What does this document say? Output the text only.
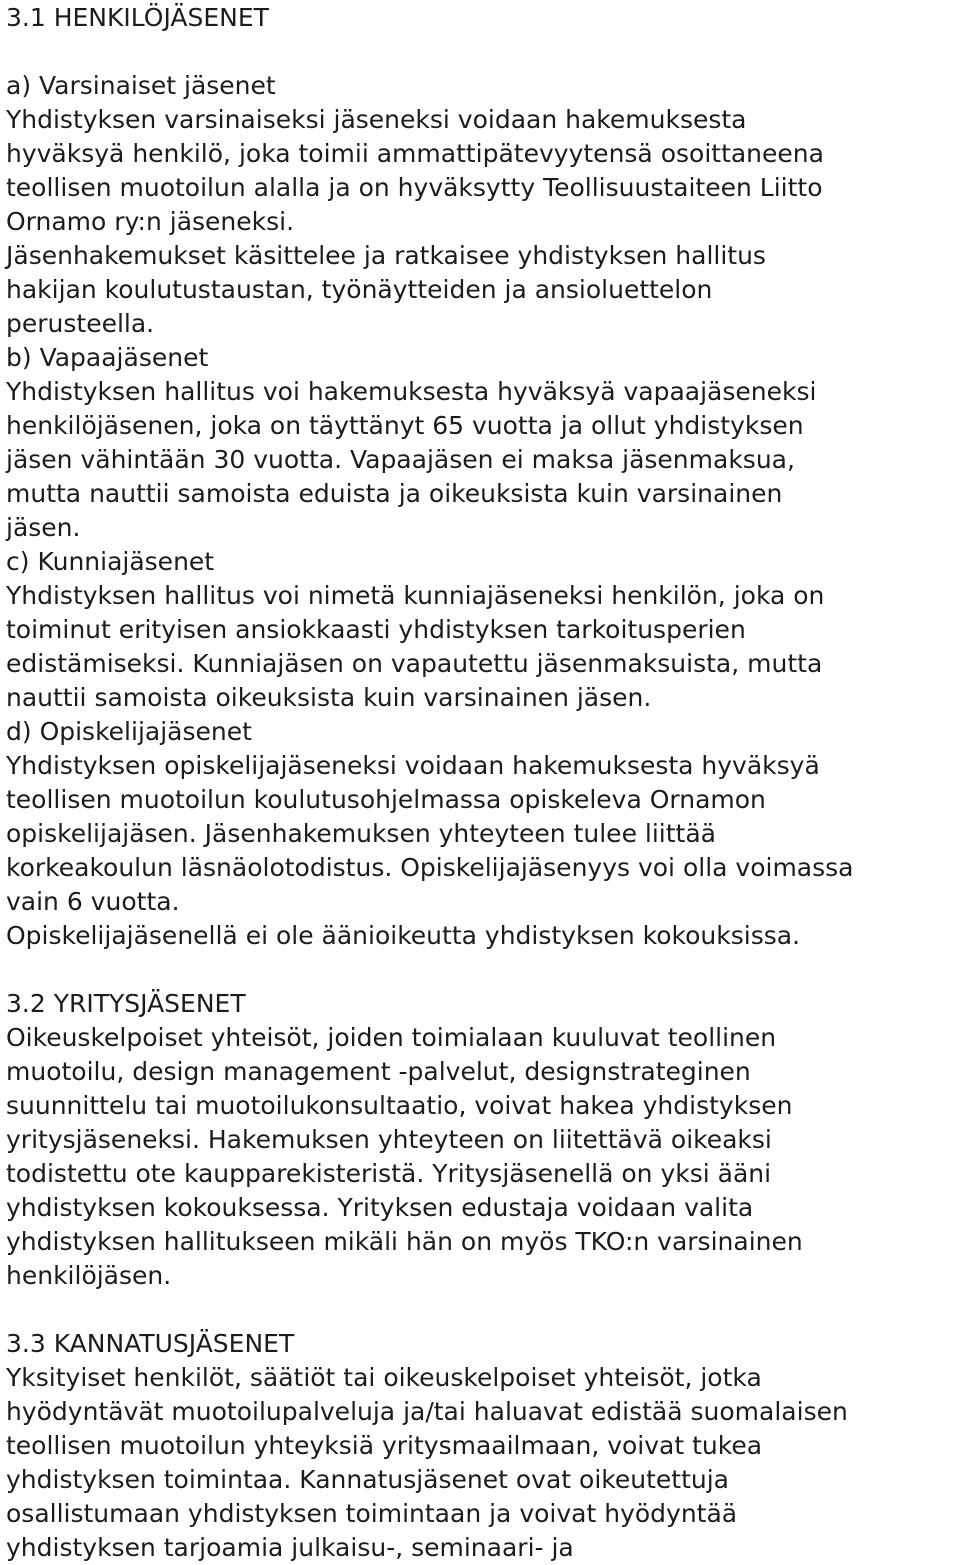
3.1 HENKILÖJÄSENET
a) Varsinaiset jäsenet
Yhdistyksen varsinaiseksi jäseneksi voidaan hakemuksesta
hyväksyä henkilö, joka toimii ammattipätevyytensä osoittaneena
teollisen muotoilun alalla ja on hyväksytty Teollisuustaiteen Liitto
Ornamo ry:n jäseneksi.
Jäsenhakemukset käsittelee ja ratkaisee yhdistyksen hallitus
hakijan koulutustaustan, työnäytteiden ja ansioluettelon
perusteella.
b) Vapaajäsenet
Yhdistyksen hallitus voi hakemuksesta hyväksyä vapaajäseneksi
henkilöjäsenen, joka on täyttänyt 65 vuotta ja ollut yhdistyksen
jäsen vähintään 30 vuotta. Vapaajäsen ei maksa jäsenmaksua,
mutta nauttii samoista eduista ja oikeuksista kuin varsinainen
jäsen.
c) Kunniajäsenet
Yhdistyksen hallitus voi nimetä kunniajäseneksi henkilön, joka on
toiminut erityisen ansiokkaasti yhdistyksen tarkoitusperien
edistämiseksi. Kunniajäsen on vapautettu jäsenmaksuista, mutta
nauttii samoista oikeuksista kuin varsinainen jäsen.
d) Opiskelijajäsenet
Yhdistyksen opiskelijajäseneksi voidaan hakemuksesta hyväksyä
teollisen muotoilun koulutusohjelmassa opiskeleva Ornamon
opiskelijajäsen. Jäsenhakemuksen yhteyteen tulee liittää
korkeakoulun läsnäolotodistus. Opiskelijajäsenyys voi olla voimassa
vain 6 vuotta.
Opiskelijajäsenellä ei ole äänioikeutta yhdistyksen kokouksissa.
3.2 YRITYSJÄSENET
Oikeuskelpoiset yhteisöt, joiden toimialaan kuuluvat teollinen
muotoilu, design management -palvelut, designstrateginen
suunnittelu tai muotoilukonsultaatio, voivat hakea yhdistyksen
yritysjäseneksi. Hakemuksen yhteyteen on liitettävä oikeaksi
todistettu ote kaupparekisteristä. Yritysjäsenellä on yksi ääni
yhdistyksen kokouksessa. Yrityksen edustaja voidaan valita
yhdistyksen hallitukseen mikäli hän on myös TKO:n varsinainen
henkilöjäsen.
3.3 KANNATUSJÄSENET
Yksityiset henkilöt, säätiöt tai oikeuskelpoiset yhteisöt, jotka
hyödyntävät muotoilupalveluja ja/tai haluavat edistää suomalaisen
teollisen muotoilun yhteyksiä yritysmaailmaan, voivat tukea
yhdistyksen toimintaa. Kannatusjäsenet ovat oikeutettuja
osallistumaan yhdistyksen toimintaan ja voivat hyödyntää
yhdistyksen tarjoamia julkaisu-, seminaari- ja
